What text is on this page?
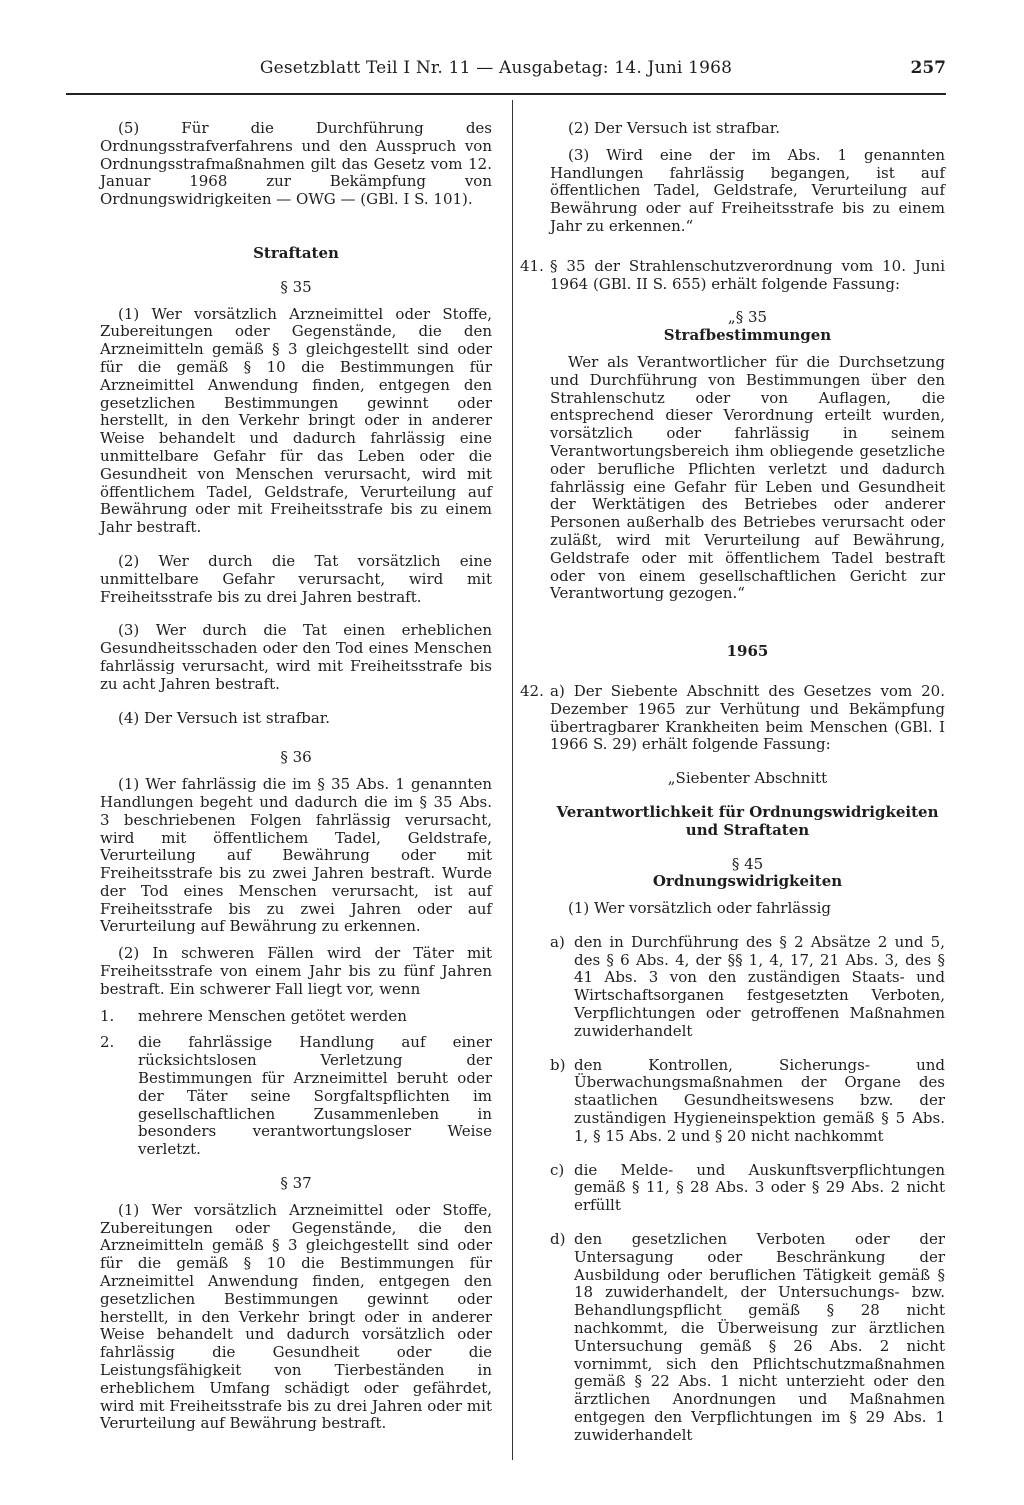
Gesetzblatt Teil I Nr. 11 — Ausgabetag: 14. Juni 1968	257

(5) Für die Durchführung des Ordnungsstrafverfahrens und den Ausspruch von Ordnungsstrafmaßnahmen gilt das Gesetz vom 12. Januar 1968 zur Bekämpfung von Ordnungswidrigkeiten — OWG — (GBl. I S. 101).

Straftaten

§ 35

(1) Wer vorsätzlich Arzneimittel oder Stoffe, Zubereitungen oder Gegenstände, die den Arzneimitteln gemäß § 3 gleichgestellt sind oder für die gemäß § 10 die Bestimmungen für Arzneimittel Anwendung finden, entgegen den gesetzlichen Bestimmungen gewinnt oder herstellt, in den Verkehr bringt oder in anderer Weise behandelt und dadurch fahrlässig eine unmittelbare Gefahr für das Leben oder die Gesundheit von Menschen verursacht, wird mit öffentlichem Tadel, Geldstrafe, Verurteilung auf Bewährung oder mit Freiheitsstrafe bis zu einem Jahr bestraft.

(2) Wer durch die Tat vorsätzlich eine unmittelbare Gefahr verursacht, wird mit Freiheitsstrafe bis zu drei Jahren bestraft.

(3) Wer durch die Tat einen erheblichen Gesundheitsschaden oder den Tod eines Menschen fahrlässig verursacht, wird mit Freiheitsstrafe bis zu acht Jahren bestraft.

(4) Der Versuch ist strafbar.

§ 36

(1) Wer fahrlässig die im § 35 Abs. 1 genannten Handlungen begeht und dadurch die im § 35 Abs. 3 beschriebenen Folgen fahrlässig verursacht, wird mit öffentlichem Tadel, Geldstrafe, Verurteilung auf Bewährung oder mit Freiheitsstrafe bis zu zwei Jahren bestraft. Wurde der Tod eines Menschen verursacht, ist auf Freiheitsstrafe bis zu zwei Jahren oder auf Verurteilung auf Bewährung zu erkennen.

(2) In schweren Fällen wird der Täter mit Freiheitsstrafe von einem Jahr bis zu fünf Jahren bestraft. Ein schwerer Fall liegt vor, wenn

1. mehrere Menschen getötet werden

2. die fahrlässige Handlung auf einer rücksichtslosen Verletzung der Bestimmungen für Arzneimittel beruht oder der Täter seine Sorgfaltspflichten im gesellschaftlichen Zusammenleben in besonders verantwortungsloser Weise verletzt.

§ 37

(1) Wer vorsätzlich Arzneimittel oder Stoffe, Zubereitungen oder Gegenstände, die den Arzneimitteln gemäß § 3 gleichgestellt sind oder für die gemäß § 10 die Bestimmungen für Arzneimittel Anwendung finden, entgegen den gesetzlichen Bestimmungen gewinnt oder herstellt, in den Verkehr bringt oder in anderer Weise behandelt und dadurch vorsätzlich oder fahrlässig die Gesundheit oder die Leistungsfähigkeit von Tierbeständen in erheblichem Umfang schädigt oder gefährdet, wird mit Freiheitsstrafe bis zu drei Jahren oder mit Verurteilung auf Bewährung bestraft.

(2) Der Versuch ist strafbar.

(3) Wird eine der im Abs. 1 genannten Handlungen fahrlässig begangen, ist auf öffentlichen Tadel, Geldstrafe, Verurteilung auf Bewährung oder auf Freiheitsstrafe bis zu einem Jahr zu erkennen.“

41. § 35 der Strahlenschutzverordnung vom 10. Juni 1964 (GBl. II S. 655) erhält folgende Fassung:

„§ 35

Strafbestimmungen

Wer als Verantwortlicher für die Durchsetzung und Durchführung von Bestimmungen über den Strahlenschutz oder von Auflagen, die entsprechend dieser Verordnung erteilt wurden, vorsätzlich oder fahrlässig in seinem Verantwortungsbereich ihm obliegende gesetzliche oder berufliche Pflichten verletzt und dadurch fahrlässig eine Gefahr für Leben und Gesundheit der Werktätigen des Betriebes oder anderer Personen außerhalb des Betriebes verursacht oder zuläßt, wird mit Verurteilung auf Bewährung, Geldstrafe oder mit öffentlichem Tadel bestraft oder von einem gesellschaftlichen Gericht zur Verantwortung gezogen.“

1965

42. a) Der Siebente Abschnitt des Gesetzes vom 20. Dezember 1965 zur Verhütung und Bekämpfung übertragbarer Krankheiten beim Menschen (GBl. I 1966 S. 29) erhält folgende Fassung:

„Siebenter Abschnitt

Verantwortlichkeit für Ordnungswidrigkeiten und Straftaten

§ 45

Ordnungswidrigkeiten

(1) Wer vorsätzlich oder fahrlässig

a) den in Durchführung des § 2 Absätze 2 und 5, des § 6 Abs. 4, der §§ 1, 4, 17, 21 Abs. 3, des § 41 Abs. 3 von den zuständigen Staats- und Wirtschaftsorganen festgesetzten Verboten, Verpflichtungen oder getroffenen Maßnahmen zuwiderhandelt

b) den Kontrollen, Sicherungs- und Überwachungsmaßnahmen der Organe des staatlichen Gesundheitswesens bzw. der zuständigen Hygieneinspektion gemäß § 5 Abs. 1, § 15 Abs. 2 und § 20 nicht nachkommt

c) die Melde- und Auskunftsverpflichtungen gemäß § 11, § 28 Abs. 3 oder § 29 Abs. 2 nicht erfüllt

d) den gesetzlichen Verboten oder der Untersagung oder Beschränkung der Ausbildung oder beruflichen Tätigkeit gemäß § 18 zuwiderhandelt, der Untersuchungs- bzw. Behandlungspflicht gemäß § 28 nicht nachkommt, die Überweisung zur ärztlichen Untersuchung gemäß § 26 Abs. 2 nicht vornimmt, sich den Pflichtschutzmaßnahmen gemäß § 22 Abs. 1 nicht unterzieht oder den ärztlichen Anordnungen und Maßnahmen entgegen den Verpflichtungen im § 29 Abs. 1 zuwiderhandelt
